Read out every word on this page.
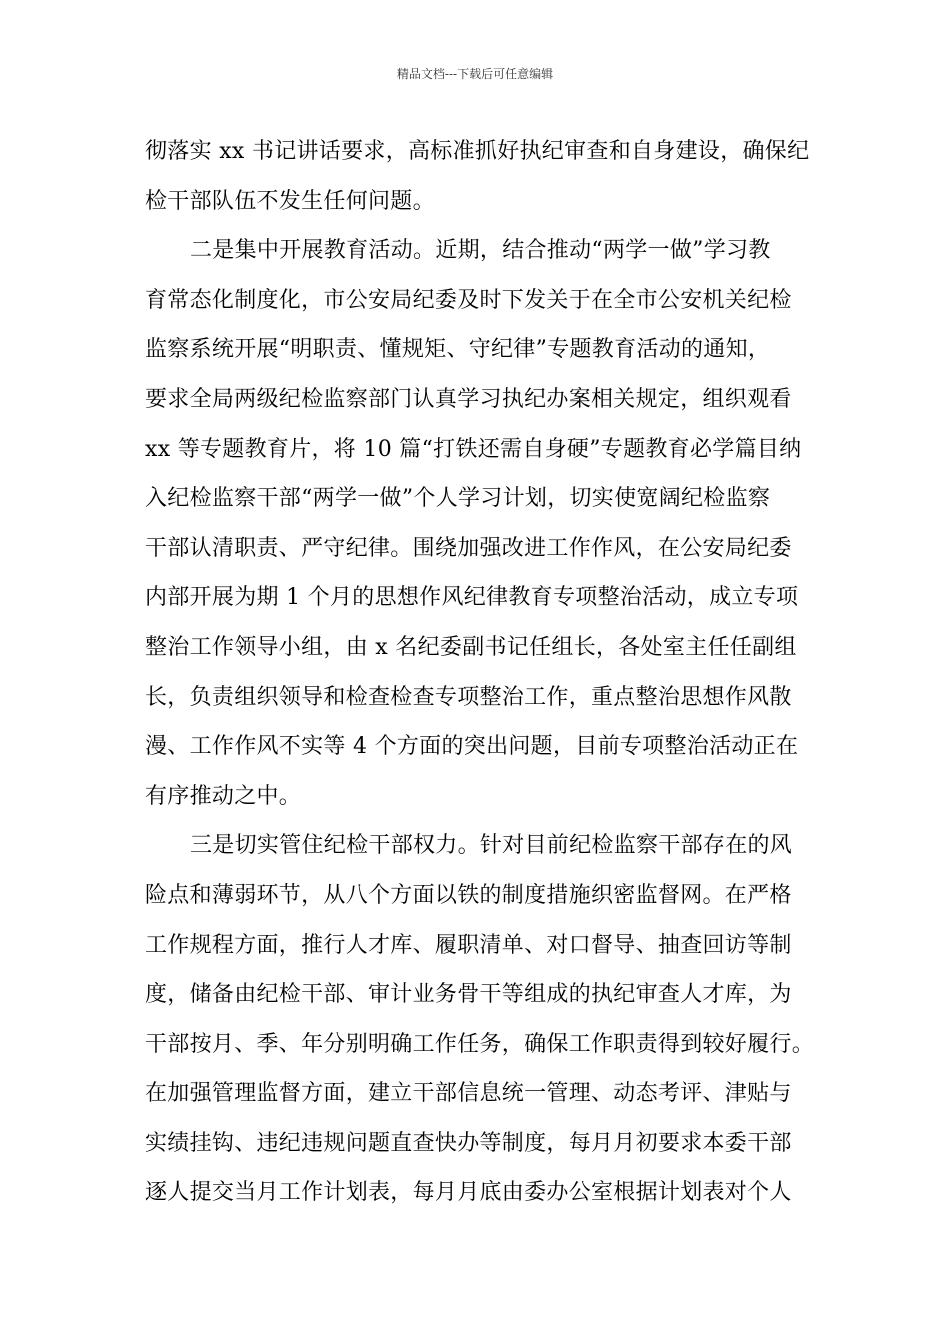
精品文档---下载后可任意编辑
彻落实 xx 书记讲话要求，高标准抓好执纪审查和自身建设，确保纪
检干部队伍不发生任何问题。
二是集中开展教育活动。近期，结合推动“两学一做”学习教
育常态化制度化，市公安局纪委及时下发关于在全市公安机关纪检
监察系统开展“明职责、懂规矩、守纪律”专题教育活动的通知，
要求全局两级纪检监察部门认真学习执纪办案相关规定，组织观看
xx 等专题教育片，将 10 篇“打铁还需自身硬”专题教育必学篇目纳
入纪检监察干部“两学一做”个人学习计划，切实使宽阔纪检监察
干部认清职责、严守纪律。围绕加强改进工作作风，在公安局纪委
内部开展为期 1 个月的思想作风纪律教育专项整治活动，成立专项
整治工作领导小组，由 x 名纪委副书记任组长，各处室主任任副组
长，负责组织领导和检查检查专项整治工作，重点整治思想作风散
漫、工作作风不实等 4 个方面的突出问题，目前专项整治活动正在
有序推动之中。
三是切实管住纪检干部权力。针对目前纪检监察干部存在的风
险点和薄弱环节，从八个方面以铁的制度措施织密监督网。在严格
工作规程方面，推行人才库、履职清单、对口督导、抽查回访等制
度，储备由纪检干部、审计业务骨干等组成的执纪审查人才库，为
干部按月、季、年分别明确工作任务，确保工作职责得到较好履行。
在加强管理监督方面，建立干部信息统一管理、动态考评、津贴与
实绩挂钩、违纪违规问题直查快办等制度，每月月初要求本委干部
逐人提交当月工作计划表，每月月底由委办公室根据计划表对个人
